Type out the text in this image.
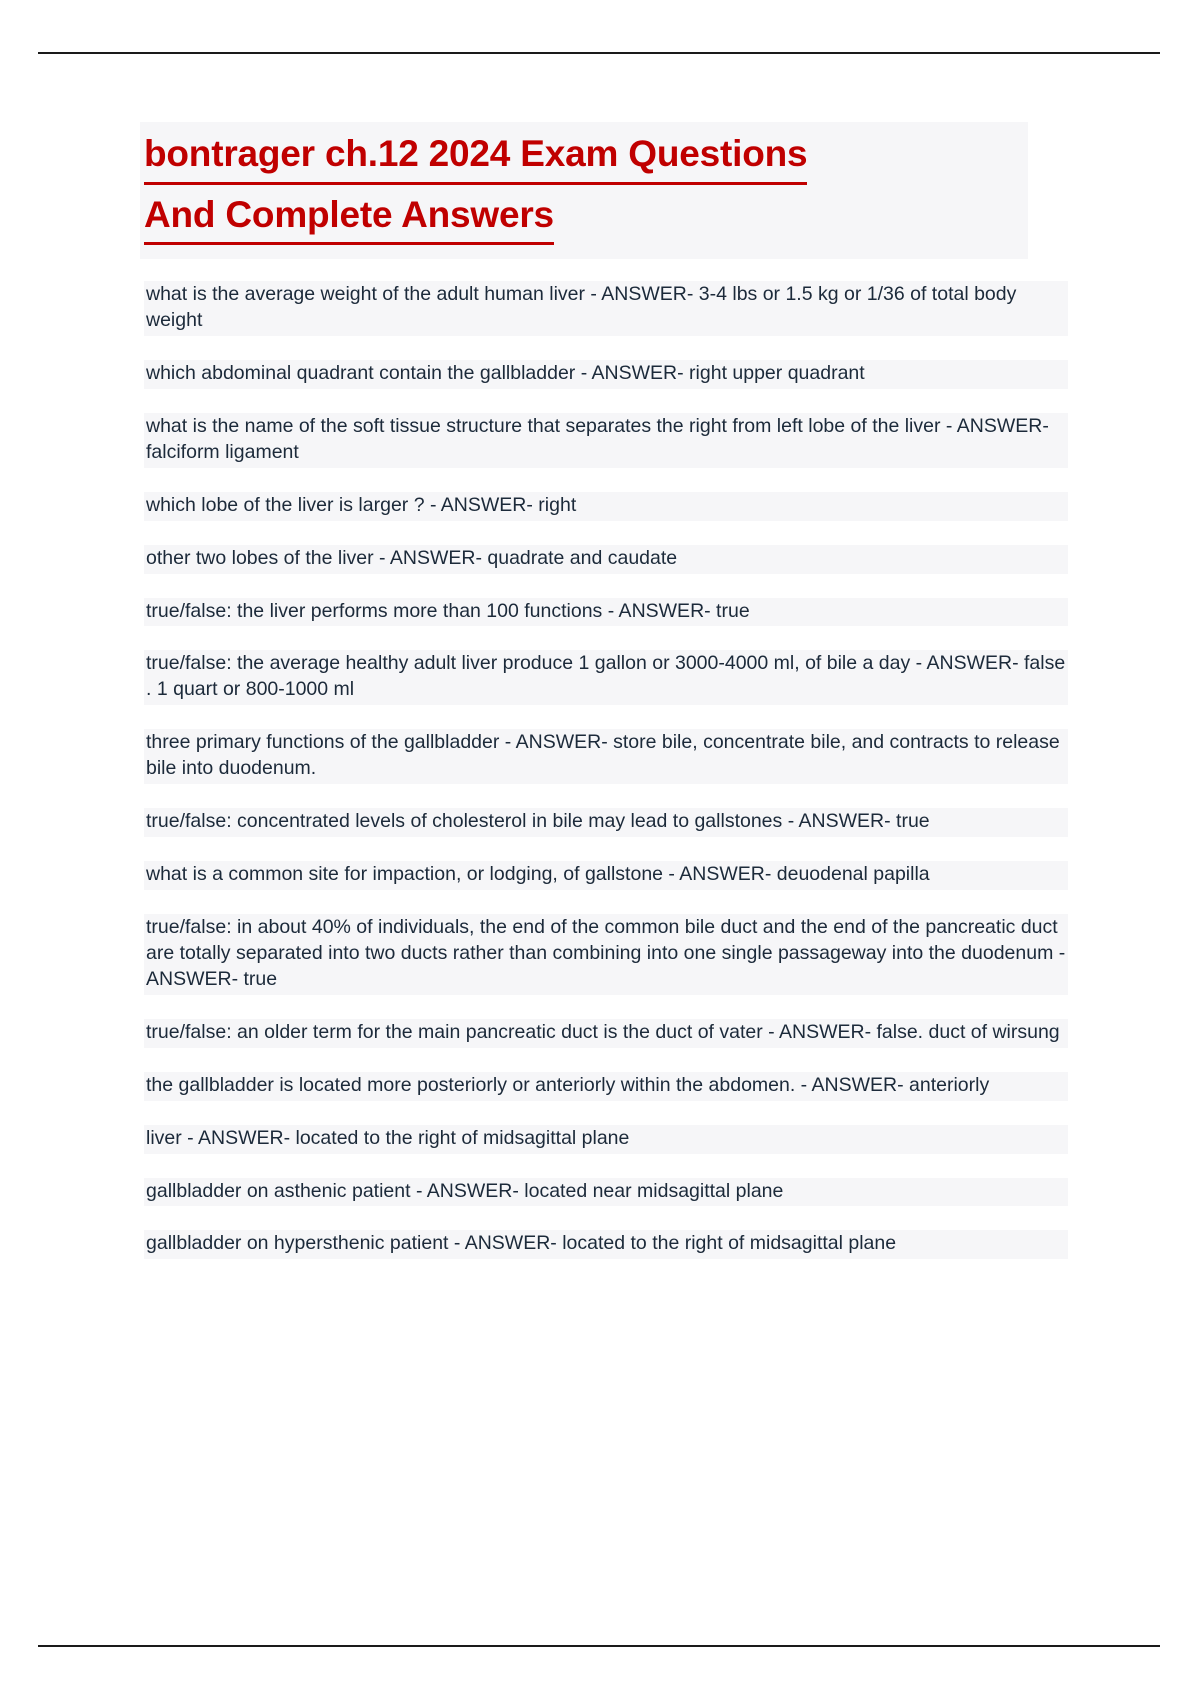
bontrager ch.12 2024 Exam Questions
And Complete Answers

what is the average weight of the adult human liver - ANSWER- 3-4 lbs or 1.5 kg or 1/36 of total body weight

which abdominal quadrant contain the gallbladder - ANSWER- right upper quadrant

what is the name of the soft tissue structure that separates the right from left lobe of the liver - ANSWER- falciform ligament

which lobe of the liver is larger ? - ANSWER- right

other two lobes of the liver - ANSWER- quadrate and caudate

true/false: the liver performs more than 100 functions - ANSWER- true

true/false: the average healthy adult liver produce 1 gallon or 3000-4000 ml, of bile a day - ANSWER- false . 1 quart or 800-1000 ml

three primary functions of the gallbladder - ANSWER- store bile, concentrate bile, and contracts to release bile into duodenum.

true/false: concentrated levels of cholesterol in bile may lead to gallstones - ANSWER- true

what is a common site for impaction, or lodging, of gallstone - ANSWER- deuodenal papilla

true/false: in about 40% of individuals, the end of the common bile duct and the end of the pancreatic duct are totally separated into two ducts rather than combining into one single passageway into the duodenum - ANSWER- true

true/false: an older term for the main pancreatic duct is the duct of vater - ANSWER- false. duct of wirsung

the gallbladder is located more posteriorly or anteriorly within the abdomen. - ANSWER- anteriorly

liver - ANSWER- located to the right of midsagittal plane

gallbladder on asthenic patient - ANSWER- located near midsagittal plane

gallbladder on hypersthenic patient - ANSWER- located to the right of midsagittal plane
